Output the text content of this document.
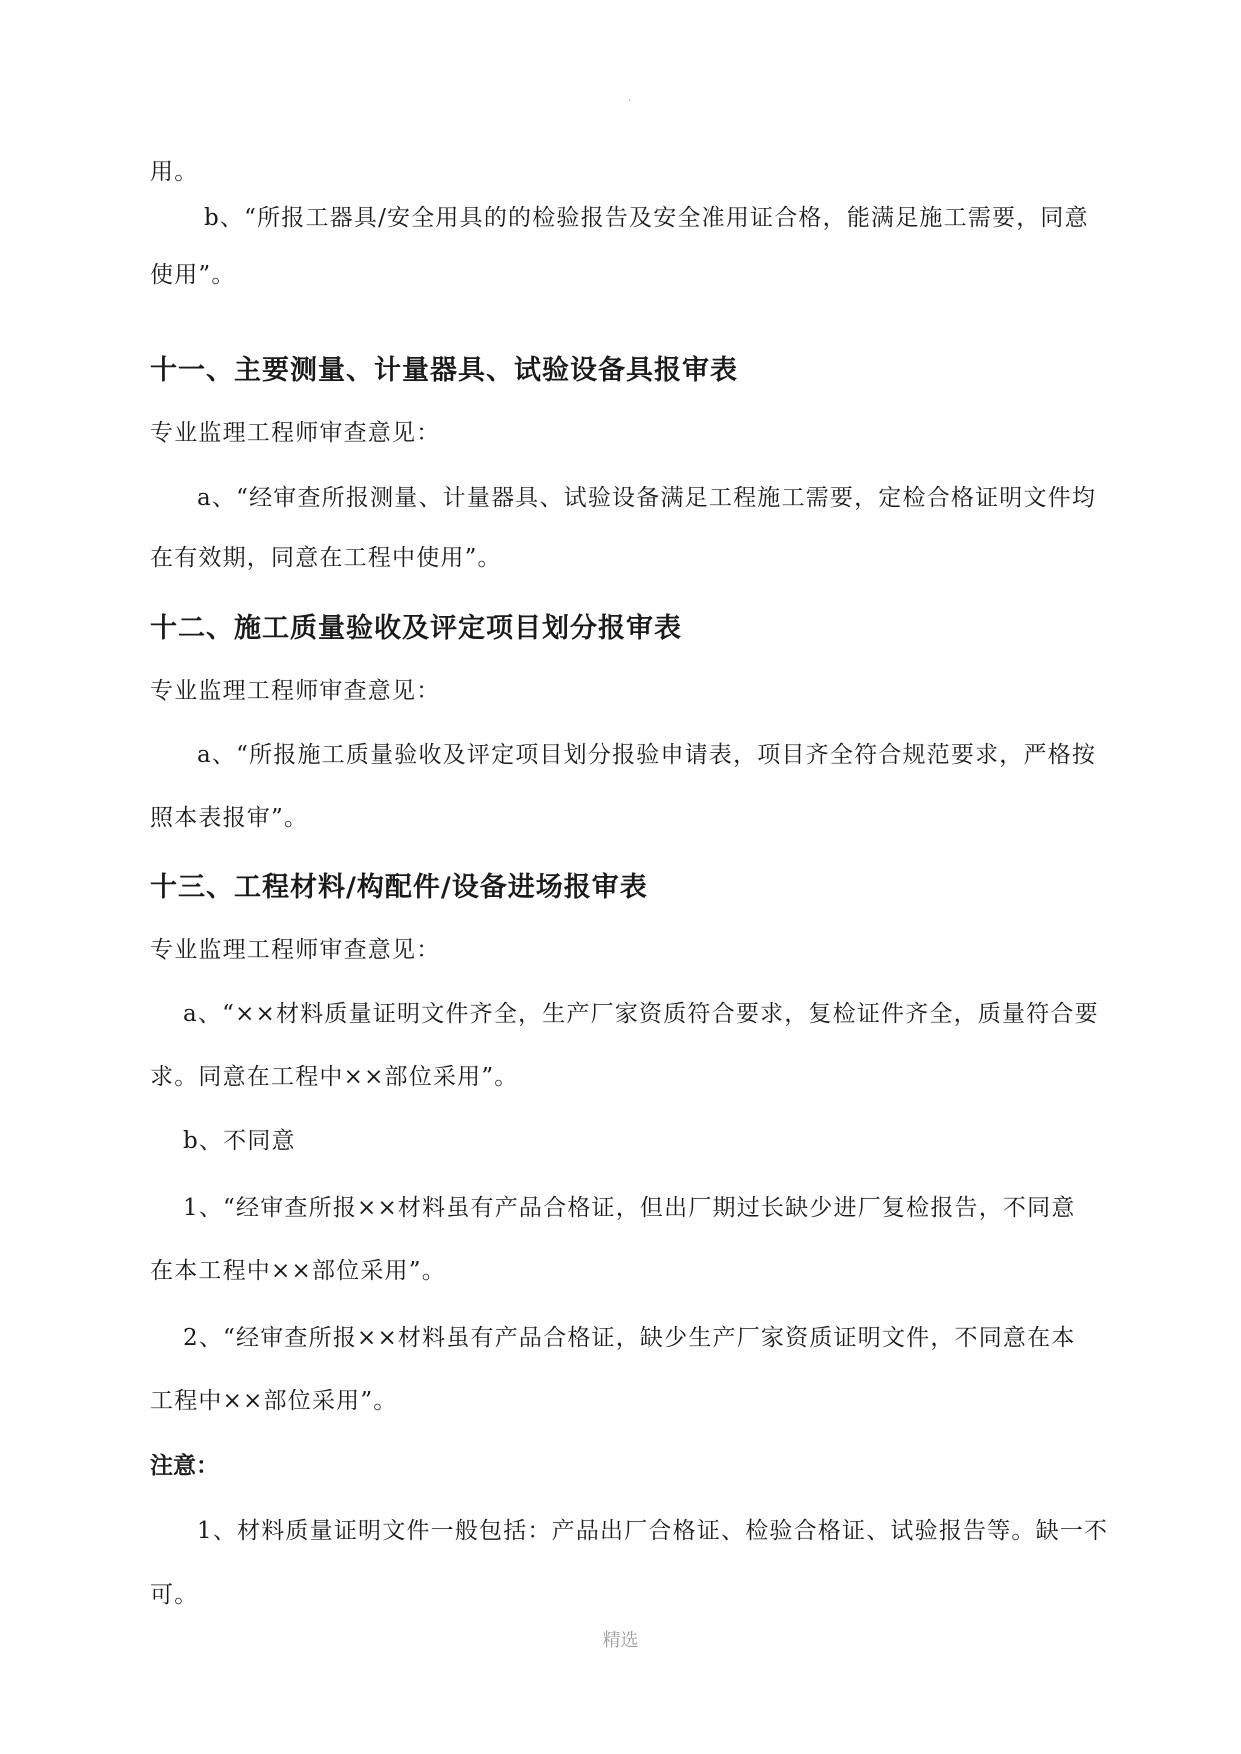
·

用。

b、“所报工器具/安全用具的的检验报告及安全准用证合格，能满足施工需要，同意

使用”。

十一、主要测量、计量器具、试验设备具报审表

专业监理工程师审查意见：

a、“经审查所报测量、计量器具、试验设备满足工程施工需要，定检合格证明文件均

在有效期，同意在工程中使用”。

十二、施工质量验收及评定项目划分报审表

专业监理工程师审查意见：

a、“所报施工质量验收及评定项目划分报验申请表，项目齐全符合规范要求，严格按

照本表报审”。

十三、工程材料/构配件/设备进场报审表

专业监理工程师审查意见：

a、“××材料质量证明文件齐全，生产厂家资质符合要求，复检证件齐全，质量符合要

求。同意在工程中××部位采用”。

b、不同意

1、“经审查所报××材料虽有产品合格证，但出厂期过长缺少进厂复检报告，不同意

在本工程中××部位采用”。

2、“经审查所报××材料虽有产品合格证，缺少生产厂家资质证明文件，不同意在本

工程中××部位采用”。

注意：

1、材料质量证明文件一般包括：产品出厂合格证、检验合格证、试验报告等。缺一不

可。

精选
